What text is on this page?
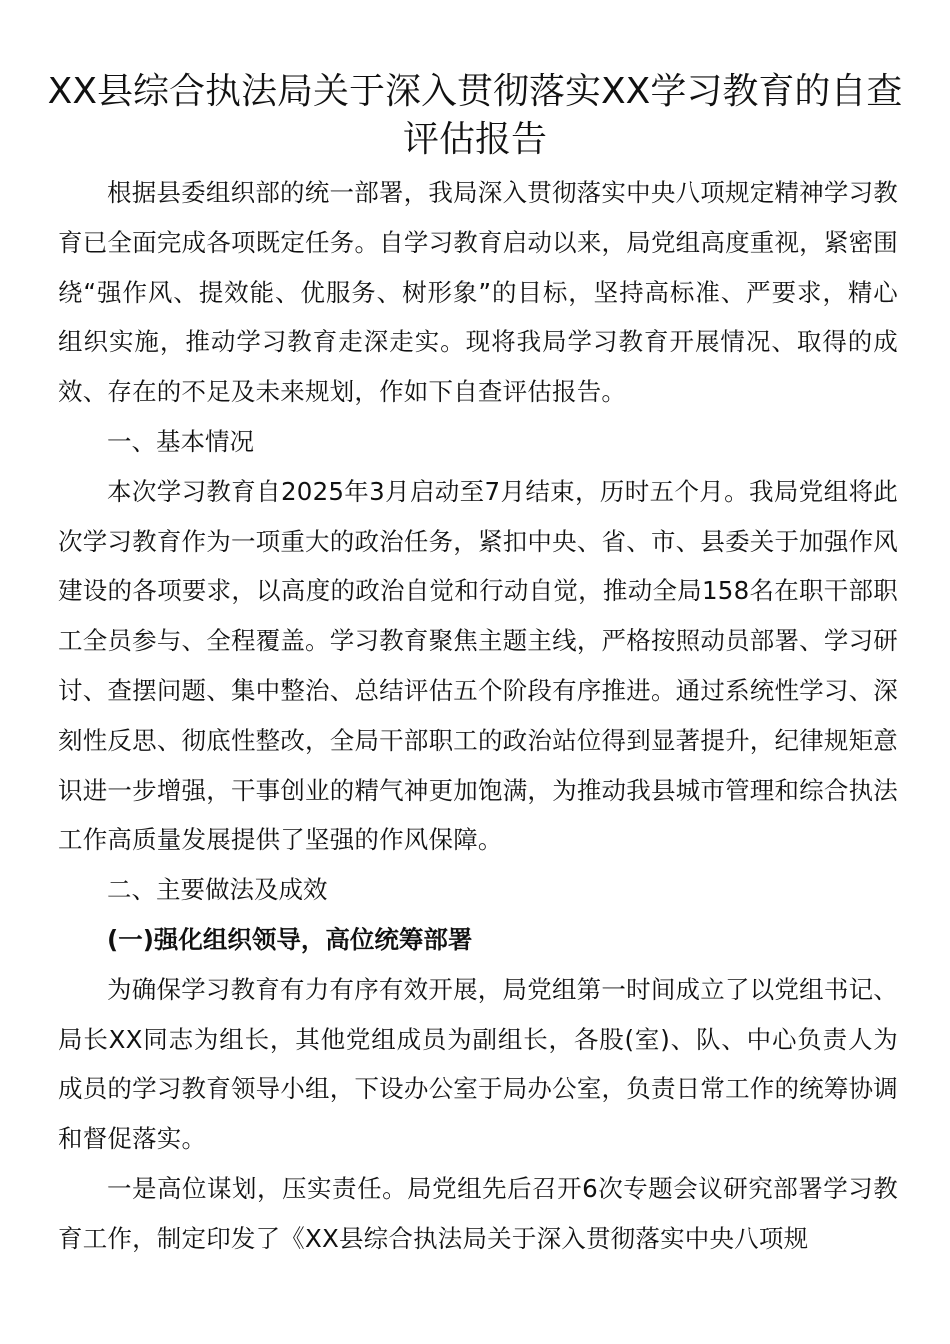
XX县综合执法局关于深入贯彻落实XX学习教育的自查评估报告

根据县委组织部的统一部署，我局深入贯彻落实中央八项规定精神学习教育已全面完成各项既定任务。自学习教育启动以来，局党组高度重视，紧密围绕“强作风、提效能、优服务、树形象”的目标，坚持高标准、严要求，精心组织实施，推动学习教育走深走实。现将我局学习教育开展情况、取得的成效、存在的不足及未来规划，作如下自查评估报告。

一、基本情况

本次学习教育自2025年3月启动至7月结束，历时五个月。我局党组将此次学习教育作为一项重大的政治任务，紧扣中央、省、市、县委关于加强作风建设的各项要求，以高度的政治自觉和行动自觉，推动全局158名在职干部职工全员参与、全程覆盖。学习教育聚焦主题主线，严格按照动员部署、学习研讨、查摆问题、集中整治、总结评估五个阶段有序推进。通过系统性学习、深刻性反思、彻底性整改，全局干部职工的政治站位得到显著提升，纪律规矩意识进一步增强，干事创业的精气神更加饱满，为推动我县城市管理和综合执法工作高质量发展提供了坚强的作风保障。

二、主要做法及成效

(一)强化组织领导，高位统筹部署

为确保学习教育有力有序有效开展，局党组第一时间成立了以党组书记、局长XX同志为组长，其他党组成员为副组长，各股(室)、队、中心负责人为成员的学习教育领导小组，下设办公室于局办公室，负责日常工作的统筹协调和督促落实。

一是高位谋划，压实责任。局党组先后召开6次专题会议研究部署学习教育工作，制定印发了《XX县综合执法局关于深入贯彻落实中央八项规
